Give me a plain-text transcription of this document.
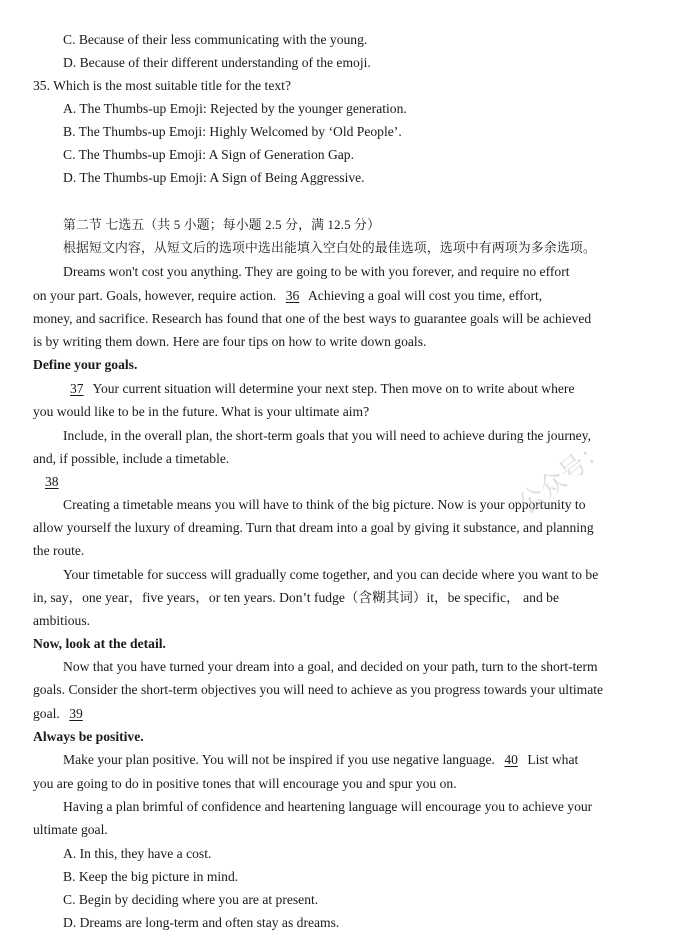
C. Because of their less communicating with the young.
D. Because of their different understanding of the emoji.
35. Which is the most suitable title for the text?
A. The Thumbs-up Emoji: Rejected by the younger generation.
B. The Thumbs-up Emoji: Highly Welcomed by ‘Old People’.
C. The Thumbs-up Emoji: A Sign of Generation Gap.
D. The Thumbs-up Emoji: A Sign of Being Aggressive.
第二节 七选五（共 5 小题；每小题 2.5 分，满 12.5 分）
根据短文内容，从短文后的选项中选出能填入空白处的最佳选项，选项中有两项为多余选项。
Dreams won't cost you anything. They are going to be with you forever, and require no effort
on your part. Goals, however, require action. 36 Achieving a goal will cost you time, effort,
money, and sacrifice. Research has found that one of the best ways to guarantee goals will be achieved
is by writing them down. Here are four tips on how to write down goals.
Define your goals.
37 Your current situation will determine your next step. Then move on to write about where
you would like to be in the future. What is your ultimate aim?
Include, in the overall plan, the short-term goals that you will need to achieve during the journey,
and, if possible, include a timetable.
38
Creating a timetable means you will have to think of the big picture. Now is your opportunity to
allow yourself the luxury of dreaming. Turn that dream into a goal by giving it substance, and planning
the route.
Your timetable for success will gradually come together, and you can decide where you want to be
in, say，one year，five years，or ten years. Don’t fudge（含糊其词）it，be specific， and be
ambitious.
Now, look at the detail.
Now that you have turned your dream into a goal, and decided on your path, turn to the short-term
goals. Consider the short-term objectives you will need to achieve as you progress towards your ultimate
goal. 39
Always be positive.
Make your plan positive. You will not be inspired if you use negative language. 40 List what
you are going to do in positive tones that will encourage you and spur you on.
Having a plan brimful of confidence and heartening language will encourage you to achieve your
ultimate goal.
A. In this, they have a cost.
B. Keep the big picture in mind.
C. Begin by deciding where you are at present.
D. Dreams are long-term and often stay as dreams.
公众号：
